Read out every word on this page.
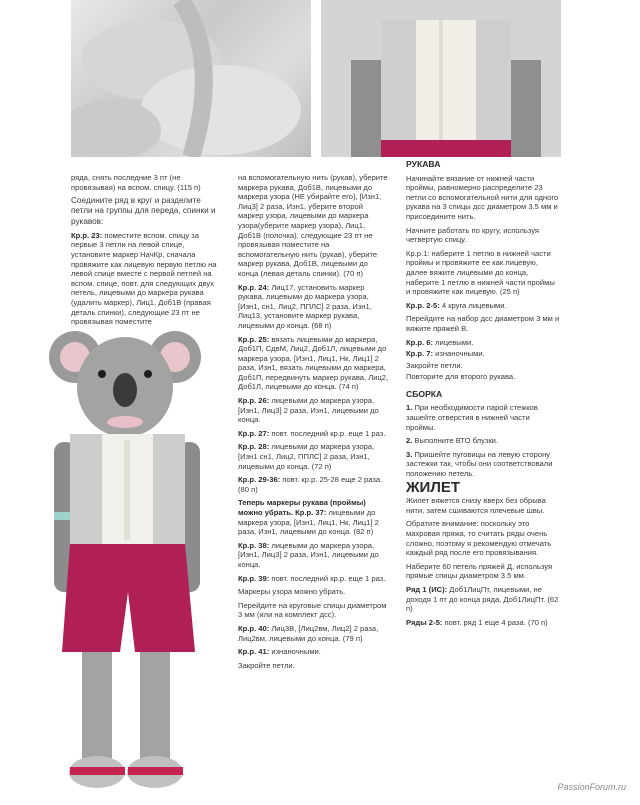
ряда, снять последние 3 пт (не провязывая) на вспом. спицу. (115 п)

Соедините ряд в круг и разделите петли на группы для переда, спинки и рукавов:

Кр.р. 23: поместите вспом. спицу за первые 3 петли на левой спице, установите маркер НачКр, сначала провяжите как лицевую первую петлю на левой спице вместе с первой петлей на вспом. спице, повт. для следующих двух петель, лицевыми до маркера рукава (удалить маркер), Лиц1, Доб1В (правая деталь спинки), следующие 23 пт не провязывая поместите

на вспомогательную нить (рукав), уберите маркера рукава, Доб1В, лицевыми до маркера узора (НЕ убирайте его), [Изн1, Лиц3] 2 раза, Изн1, уберите второй маркер узора, лицевыми до маркера узора(уберите маркер узора), Лиц1, Доб1В (полочка), следующие 23 пт не провязывая поместите на вспомогательную нить (рукав), уберите маркер рукава, Доб1В, лицевыми до конца (левая деталь спинки). (70 п)

Кр.р. 24: Лиц17, установить маркер рукава, лицевыми до маркера узора, [Изн1, сн1, Лиц2, ППЛС] 2 раза, Изн1, Лиц13, установите маркер рукава, лицевыми до конца. (68 п)

Кр.р. 25: вязать лицевыми до маркера, Доб1П, СдвМ, Лиц2, Доб1Л, лицевыми до маркера узора, [Изн1, Лиц1, Нк, Лиц1] 2 раза, Изн1, вязать лицевыми до маркера, Доб1П, передвинуть маркер рукава, Лиц2, Доб1Л, лицевыми до конца. (74 п)

Кр.р. 26: лицевыми до маркера узора, [Изн1, Лиц3] 2 раза, Изн1, лицевыми до конца.

Кр.р. 27: повт. последний кр.р. еще 1 раз.

Кр.р. 28: лицевыми до маркера узора, [Изн1 сн1, Лиц2, ППЛС] 2 раза, Изн1, лицевыми до конца. (72 п)

Кр.р. 29-36: повт. кр.р. 25-28 еще 2 раза. (80 п)

Теперь маркеры рукава (проймы) можно убрать. Кр.р. 37: лицевыми до маркера узора, [Изн1, Лиц1, Нк, Лиц1] 2 раза, Изн1, лицевыми до конца. (82 п)

Кр.р. 38: лицевыми до маркера узора, [Изн1, Лиц3] 2 раза, Изн1, лицевыми до конца.

Кр.р. 39: повт. последний кр.р. еще 1 раз.

Маркеры узора можно убрать.

Перейдите на круговые спицы диаметром 3 мм (или на комплект дсс).

Кр.р. 40: Лиц3В, [Лиц2вм, Лиц2] 2 раза, Лиц2вм, лицевыми до конца. (79 п)

Кр.р. 41: изнаночными.

Закройте петли.

РУКАВА

Начинайте вязание от нижней части проймы, равномерно распределите 23 петли со вспомогательной нити для одного рукава на 3 спицы дсс диаметром 3.5 мм и присоедините нить.

Начните работать по кругу, используя четвертую спицу.

Кр.р.1: наберите 1 петлю в нижней части проймы и провяжите ее как лицевую, далее вяжите лицевыми до конца, наберите 1 петлю в нижней части проймы и провяжите как лицевую. (25 п)

Кр.р. 2-5: 4 круга лицевыми.

Перейдите на набор дсс диаметром 3 мм и вяжите пряжей В.

Кр.р. 6: лицевыми.

Кр.р. 7: изнаночными.

Закройте петли.

Повторите для второго рукава.

СБОРКА

1. При необходимости парой стежков зашейте отверстия в нижней части проймы.

2. Выполните ВТО блузки.

3. Пришейте пуговицы на левую сторону застежки так, чтобы они соответствовали положению петель.

ЖИЛЕТ

Жилет вяжется снизу вверх без обрыва нити, затем сшиваются плечевые швы.

Обратите внимание: поскольку это махровая пряжа, то считать ряды очень сложно, поэтому я рекомендую отмечать каждый ряд после его провязывания.

Наберите 60 петель пряжей Д, используя прямые спицы диаметром 3.5 мм.

Ряд 1 (ИС): Доб1ЛицПт, лицевыми, не доходя 1 пт до конца ряда, Доб1ЛицПт. (62 п)

Ряды 2-5: повт. ряд 1 еще 4 раза. (70 п)

PassionForum.ru
